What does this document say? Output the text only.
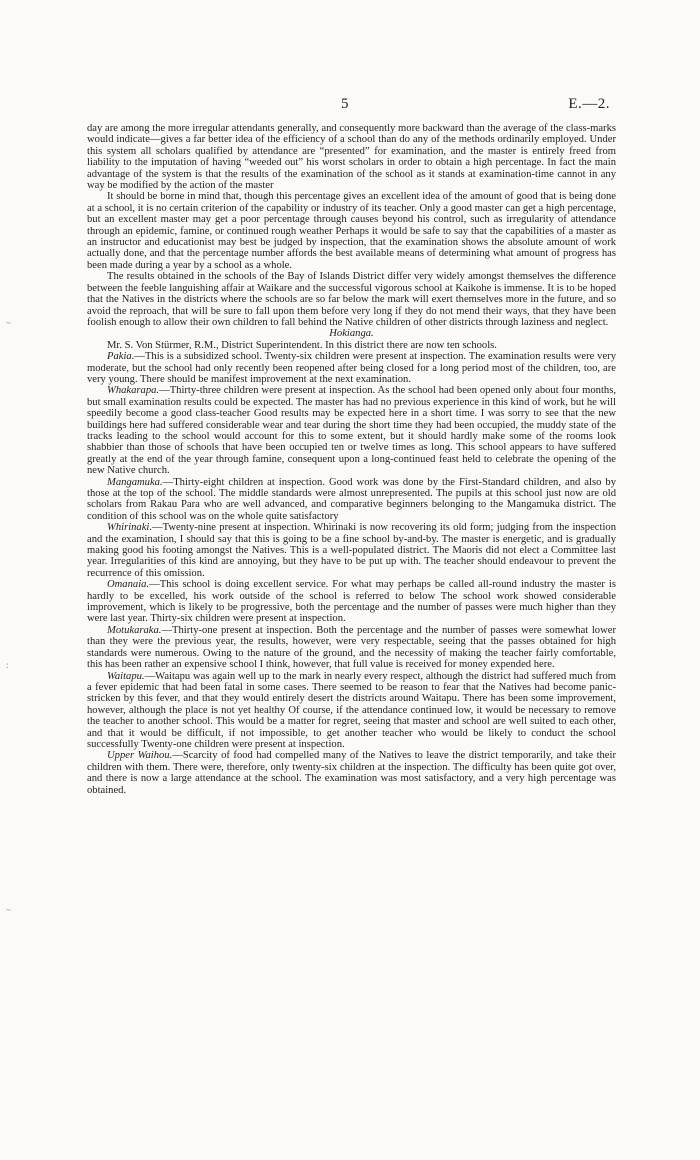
5	E.—2.
~
:
~

day are among the more irregular attendants generally, and consequently more backward than the average of the class-marks would indicate—gives a far better idea of the efficiency of a school than do any of the methods ordinarily employed. Under this system all scholars qualified by attendance are “presented” for examination, and the master is entirely freed from liability to the imputation of having “weeded out” his worst scholars in order to obtain a high percentage. In fact the main advantage of the system is that the results of the examination of the school as it stands at examination-time cannot in any way be modified by the action of the master

It should be borne in mind that, though this percentage gives an excellent idea of the amount of good that is being done at a school, it is no certain criterion of the capability or industry of its teacher. Only a good master can get a high percentage, but an excellent master may get a poor percentage through causes beyond his control, such as irregularity of attendance through an epidemic, famine, or continued rough weather Perhaps it would be safe to say that the capabilities of a master as an instructor and educationist may best be judged by inspection, that the examination shows the absolute amount of work actually done, and that the percentage number affords the best available means of determining what amount of progress has been made during a year by a school as a whole.

The results obtained in the schools of the Bay of Islands District differ very widely amongst themselves the difference between the feeble languishing affair at Waikare and the successful vigorous school at Kaikohe is immense. It is to be hoped that the Natives in the districts where the schools are so far below the mark will exert themselves more in the future, and so avoid the reproach, that will be sure to fall upon them before very long if they do not mend their ways, that they have been foolish enough to allow their own children to fall behind the Native children of other districts through laziness and neglect.

Hokianga.

Mr. S. Von Stürmer, R.M., District Superintendent. In this district there are now ten schools.

Pakia.—This is a subsidized school. Twenty-six children were present at inspection. The examination results were very moderate, but the school had only recently been reopened after being closed for a long period most of the children, too, are very young. There should be manifest improvement at the next examination.

Whakarapa.—Thirty-three children were present at inspection. As the school had been opened only about four months, but small examination results could be expected. The master has had no previous experience in this kind of work, but he will speedily become a good class-teacher Good results may be expected here in a short time. I was sorry to see that the new buildings here had suffered considerable wear and tear during the short time they had been occupied, the muddy state of the tracks leading to the school would account for this to some extent, but it should hardly make some of the rooms look shabbier than those of schools that have been occupied ten or twelve times as long. This school appears to have suffered greatly at the end of the year through famine, consequent upon a long-continued feast held to celebrate the opening of the new Native church.

Mangamuka.—Thirty-eight children at inspection. Good work was done by the First-Standard children, and also by those at the top of the school. The middle standards were almost unrepresented. The pupils at this school just now are old scholars from Rakau Para who are well advanced, and comparative beginners belonging to the Mangamuka district. The condition of this school was on the whole quite satisfactory

Whirinaki.—Twenty-nine present at inspection. Whirinaki is now recovering its old form; judging from the inspection and the examination, I should say that this is going to be a fine school by-and-by. The master is energetic, and is gradually making good his footing amongst the Natives. This is a well-populated district. The Maoris did not elect a Committee last year. Irregularities of this kind are annoying, but they have to be put up with. The teacher should endeavour to prevent the recurrence of this omission.

Omanaia.—This school is doing excellent service. For what may perhaps be called all-round industry the master is hardly to be excelled, his work outside of the school is referred to below The school work showed considerable improvement, which is likely to be progressive, both the percentage and the number of passes were much higher than they were last year. Thirty-six children were present at inspection.

Motukaraka.—Thirty-one present at inspection. Both the percentage and the number of passes were somewhat lower than they were the previous year, the results, however, were very respectable, seeing that the passes obtained for high standards were numerous. Owing to the nature of the ground, and the necessity of making the teacher fairly comfortable, this has been rather an expensive school I think, however, that full value is received for money expended here.

Waitapu.—Waitapu was again well up to the mark in nearly every respect, although the district had suffered much from a fever epidemic that had been fatal in some cases. There seemed to be reason to fear that the Natives had become panic-stricken by this fever, and that they would entirely desert the districts around Waitapu. There has been some improvement, however, although the place is not yet healthy Of course, if the attendance continued low, it would be necessary to remove the teacher to another school. This would be a matter for regret, seeing that master and school are well suited to each other, and that it would be difficult, if not impossible, to get another teacher who would be likely to conduct the school successfully Twenty-one children were present at inspection.

Upper Waihou.—Scarcity of food had compelled many of the Natives to leave the district temporarily, and take their children with them. There were, therefore, only twenty-six children at the inspection. The difficulty has been quite got over, and there is now a large attendance at the school. The examination was most satisfactory, and a very high percentage was obtained.
